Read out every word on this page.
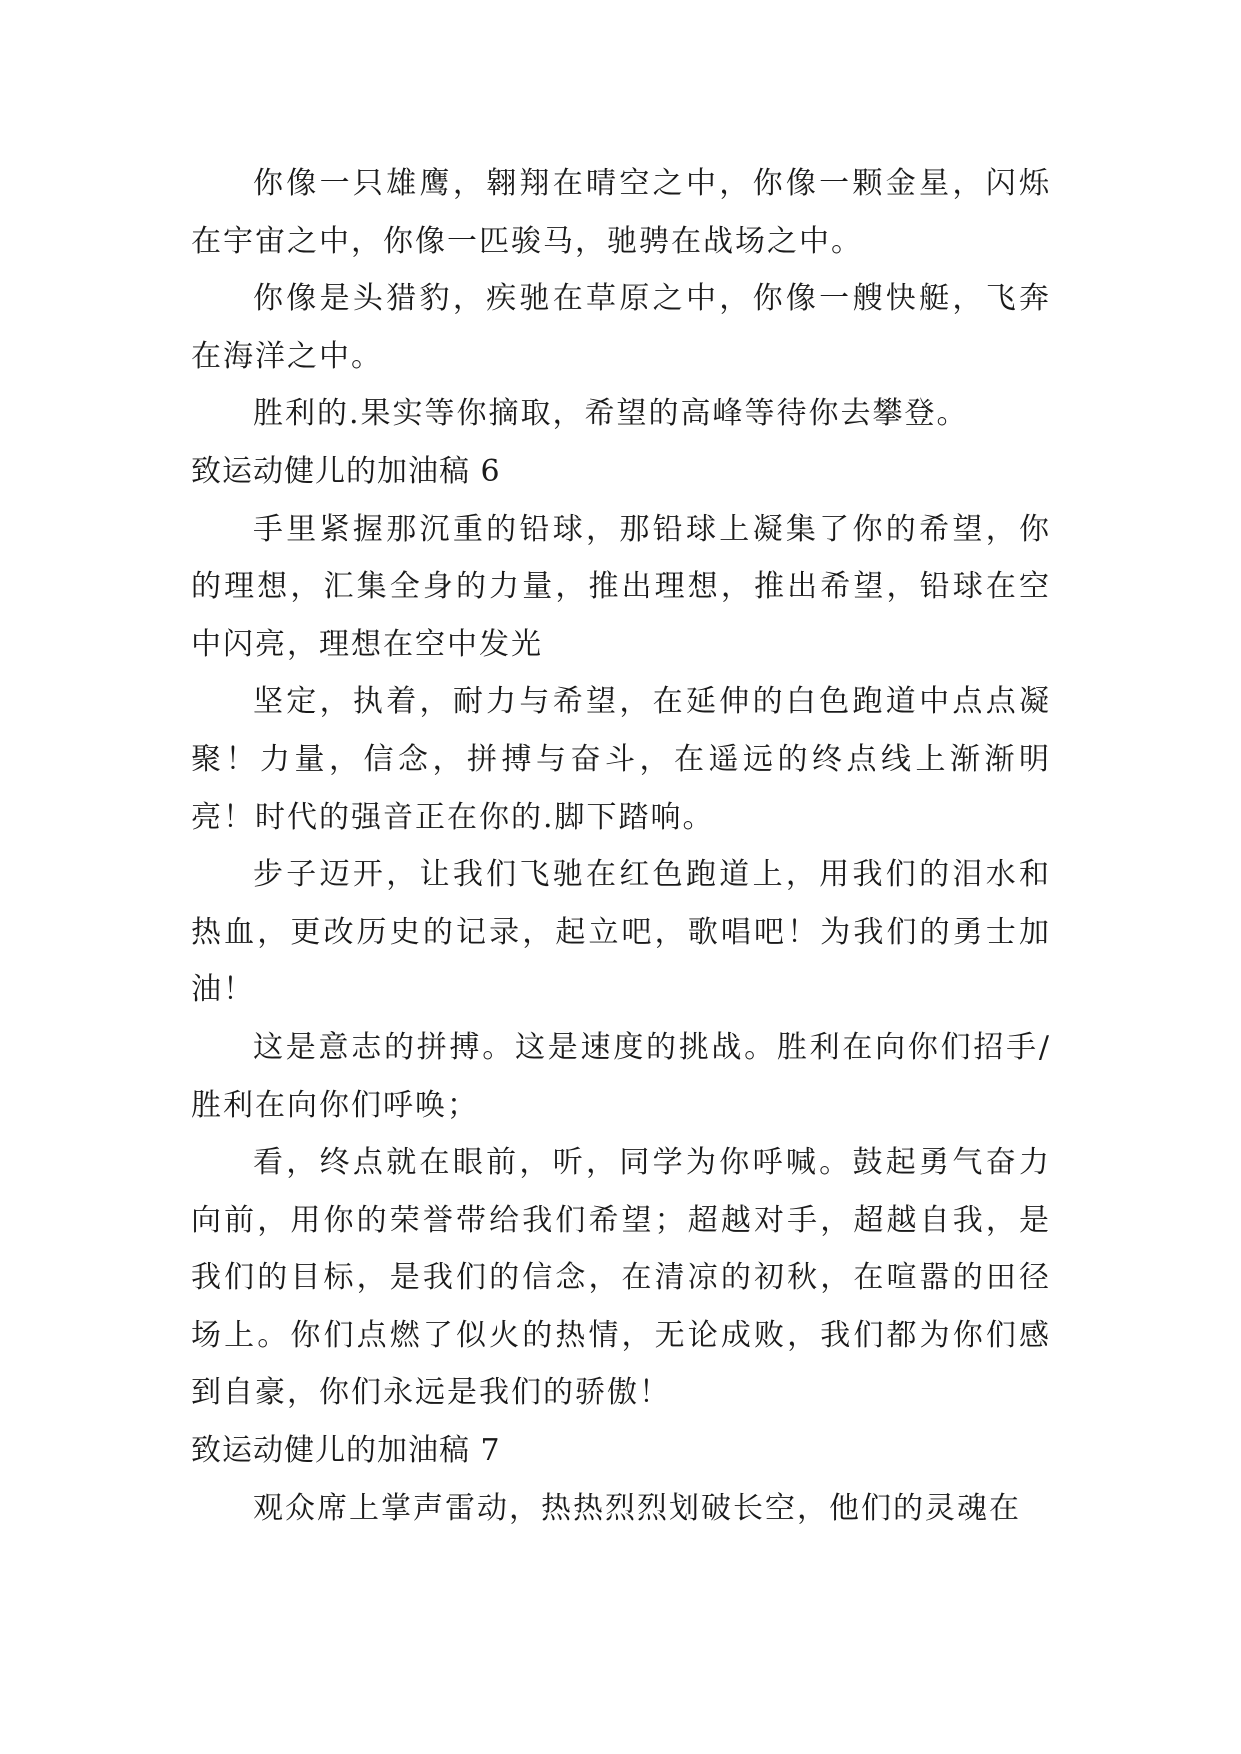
你像一只雄鹰，翱翔在晴空之中，你像一颗金星，闪烁在宇宙之中，你像一匹骏马，驰骋在战场之中。

你像是头猎豹，疾驰在草原之中，你像一艘快艇，飞奔在海洋之中。

胜利的.果实等你摘取，希望的高峰等待你去攀登。

致运动健儿的加油稿 6

手里紧握那沉重的铅球，那铅球上凝集了你的希望，你的理想，汇集全身的力量，推出理想，推出希望，铅球在空中闪亮，理想在空中发光

坚定，执着，耐力与希望，在延伸的白色跑道中点点凝聚！力量，信念，拼搏与奋斗，在遥远的终点线上渐渐明亮！时代的强音正在你的.脚下踏响。

步子迈开，让我们飞驰在红色跑道上，用我们的泪水和热血，更改历史的记录，起立吧，歌唱吧！为我们的勇士加油！

这是意志的拼搏。这是速度的挑战。胜利在向你们招手/胜利在向你们呼唤；

看，终点就在眼前，听，同学为你呼喊。鼓起勇气奋力向前，用你的荣誉带给我们希望；超越对手，超越自我，是我们的目标，是我们的信念，在清凉的初秋，在喧嚣的田径场上。你们点燃了似火的热情，无论成败，我们都为你们感到自豪，你们永远是我们的骄傲！

致运动健儿的加油稿 7

观众席上掌声雷动，热热烈烈划破长空，他们的灵魂在
